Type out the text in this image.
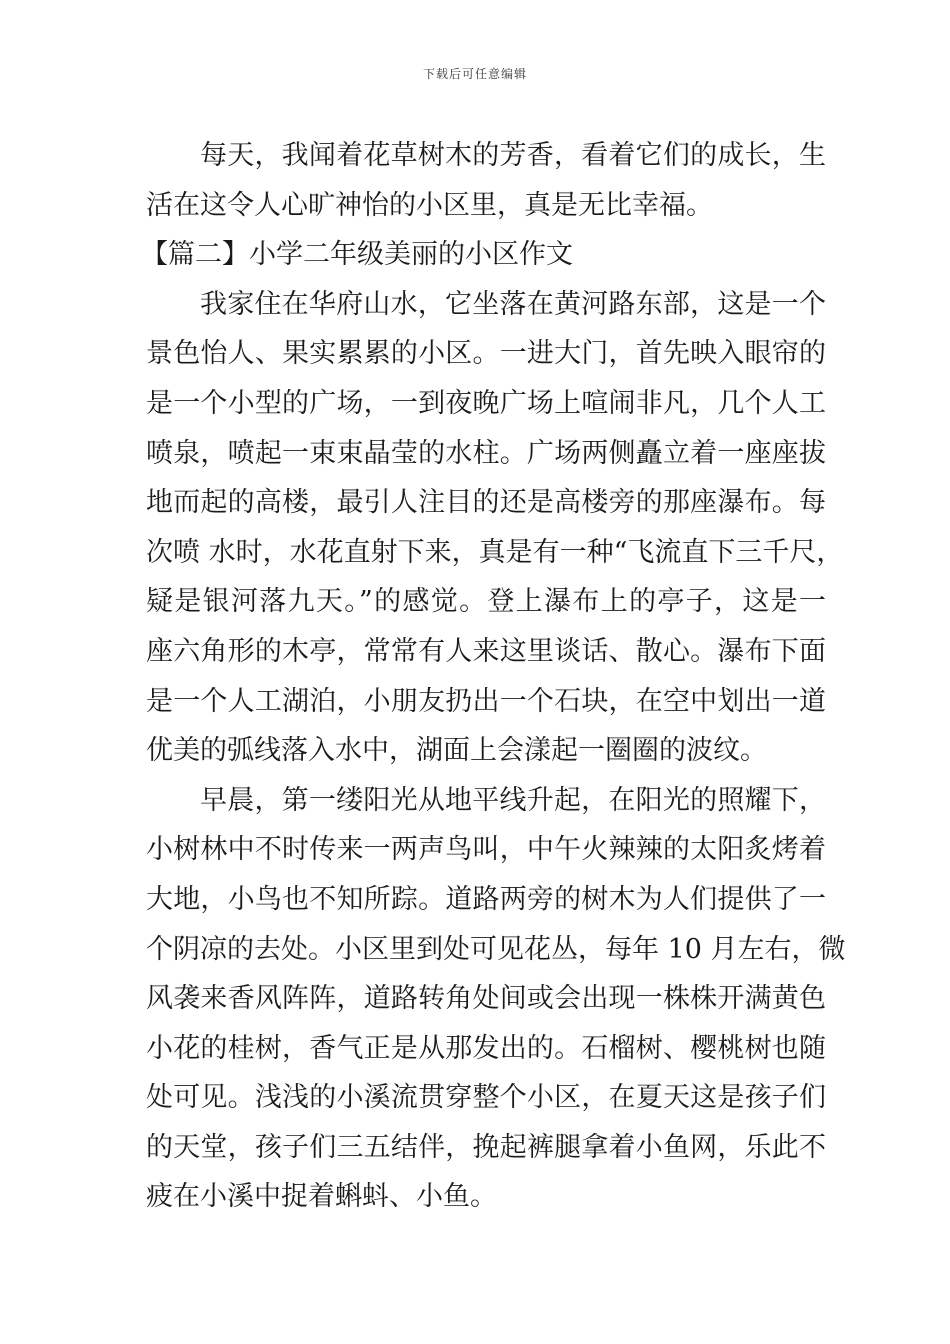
下载后可任意编辑

每天，我闻着花草树木的芳香，看着它们的成长，生
活在这令人心旷神怡的小区里，真是无比幸福。

【篇二】小学二年级美丽的小区作文

我家住在华府山水，它坐落在黄河路东部，这是一个
景色怡人、果实累累的小区。一进大门，首先映入眼帘的
是一个小型的广场，一到夜晚广场上喧闹非凡，几个人工
喷泉，喷起一束束晶莹的水柱。广场两侧矗立着一座座拔
地而起的高楼，最引人注目的还是高楼旁的那座瀑布。每
次喷 水时，水花直射下来，真是有一种“飞流直下三千尺，
疑是银河落九天。”的感觉。登上瀑布上的亭子，这是一
座六角形的木亭，常常有人来这里谈话、散心。瀑布下面
是一个人工湖泊，小朋友扔出一个石块，在空中划出一道
优美的弧线落入水中，湖面上会漾起一圈圈的波纹。

早晨，第一缕阳光从地平线升起，在阳光的照耀下，
小树林中不时传来一两声鸟叫，中午火辣辣的太阳炙烤着
大地，小鸟也不知所踪。道路两旁的树木为人们提供了一
个阴凉的去处。小区里到处可见花丛，每年 10 月左右，微
风袭来香风阵阵，道路转角处间或会出现一株株开满黄色
小花的桂树，香气正是从那发出的。石榴树、樱桃树也随
处可见。浅浅的小溪流贯穿整个小区，在夏天这是孩子们
的天堂，孩子们三五结伴，挽起裤腿拿着小鱼网，乐此不
疲在小溪中捉着蝌蚪、小鱼。
